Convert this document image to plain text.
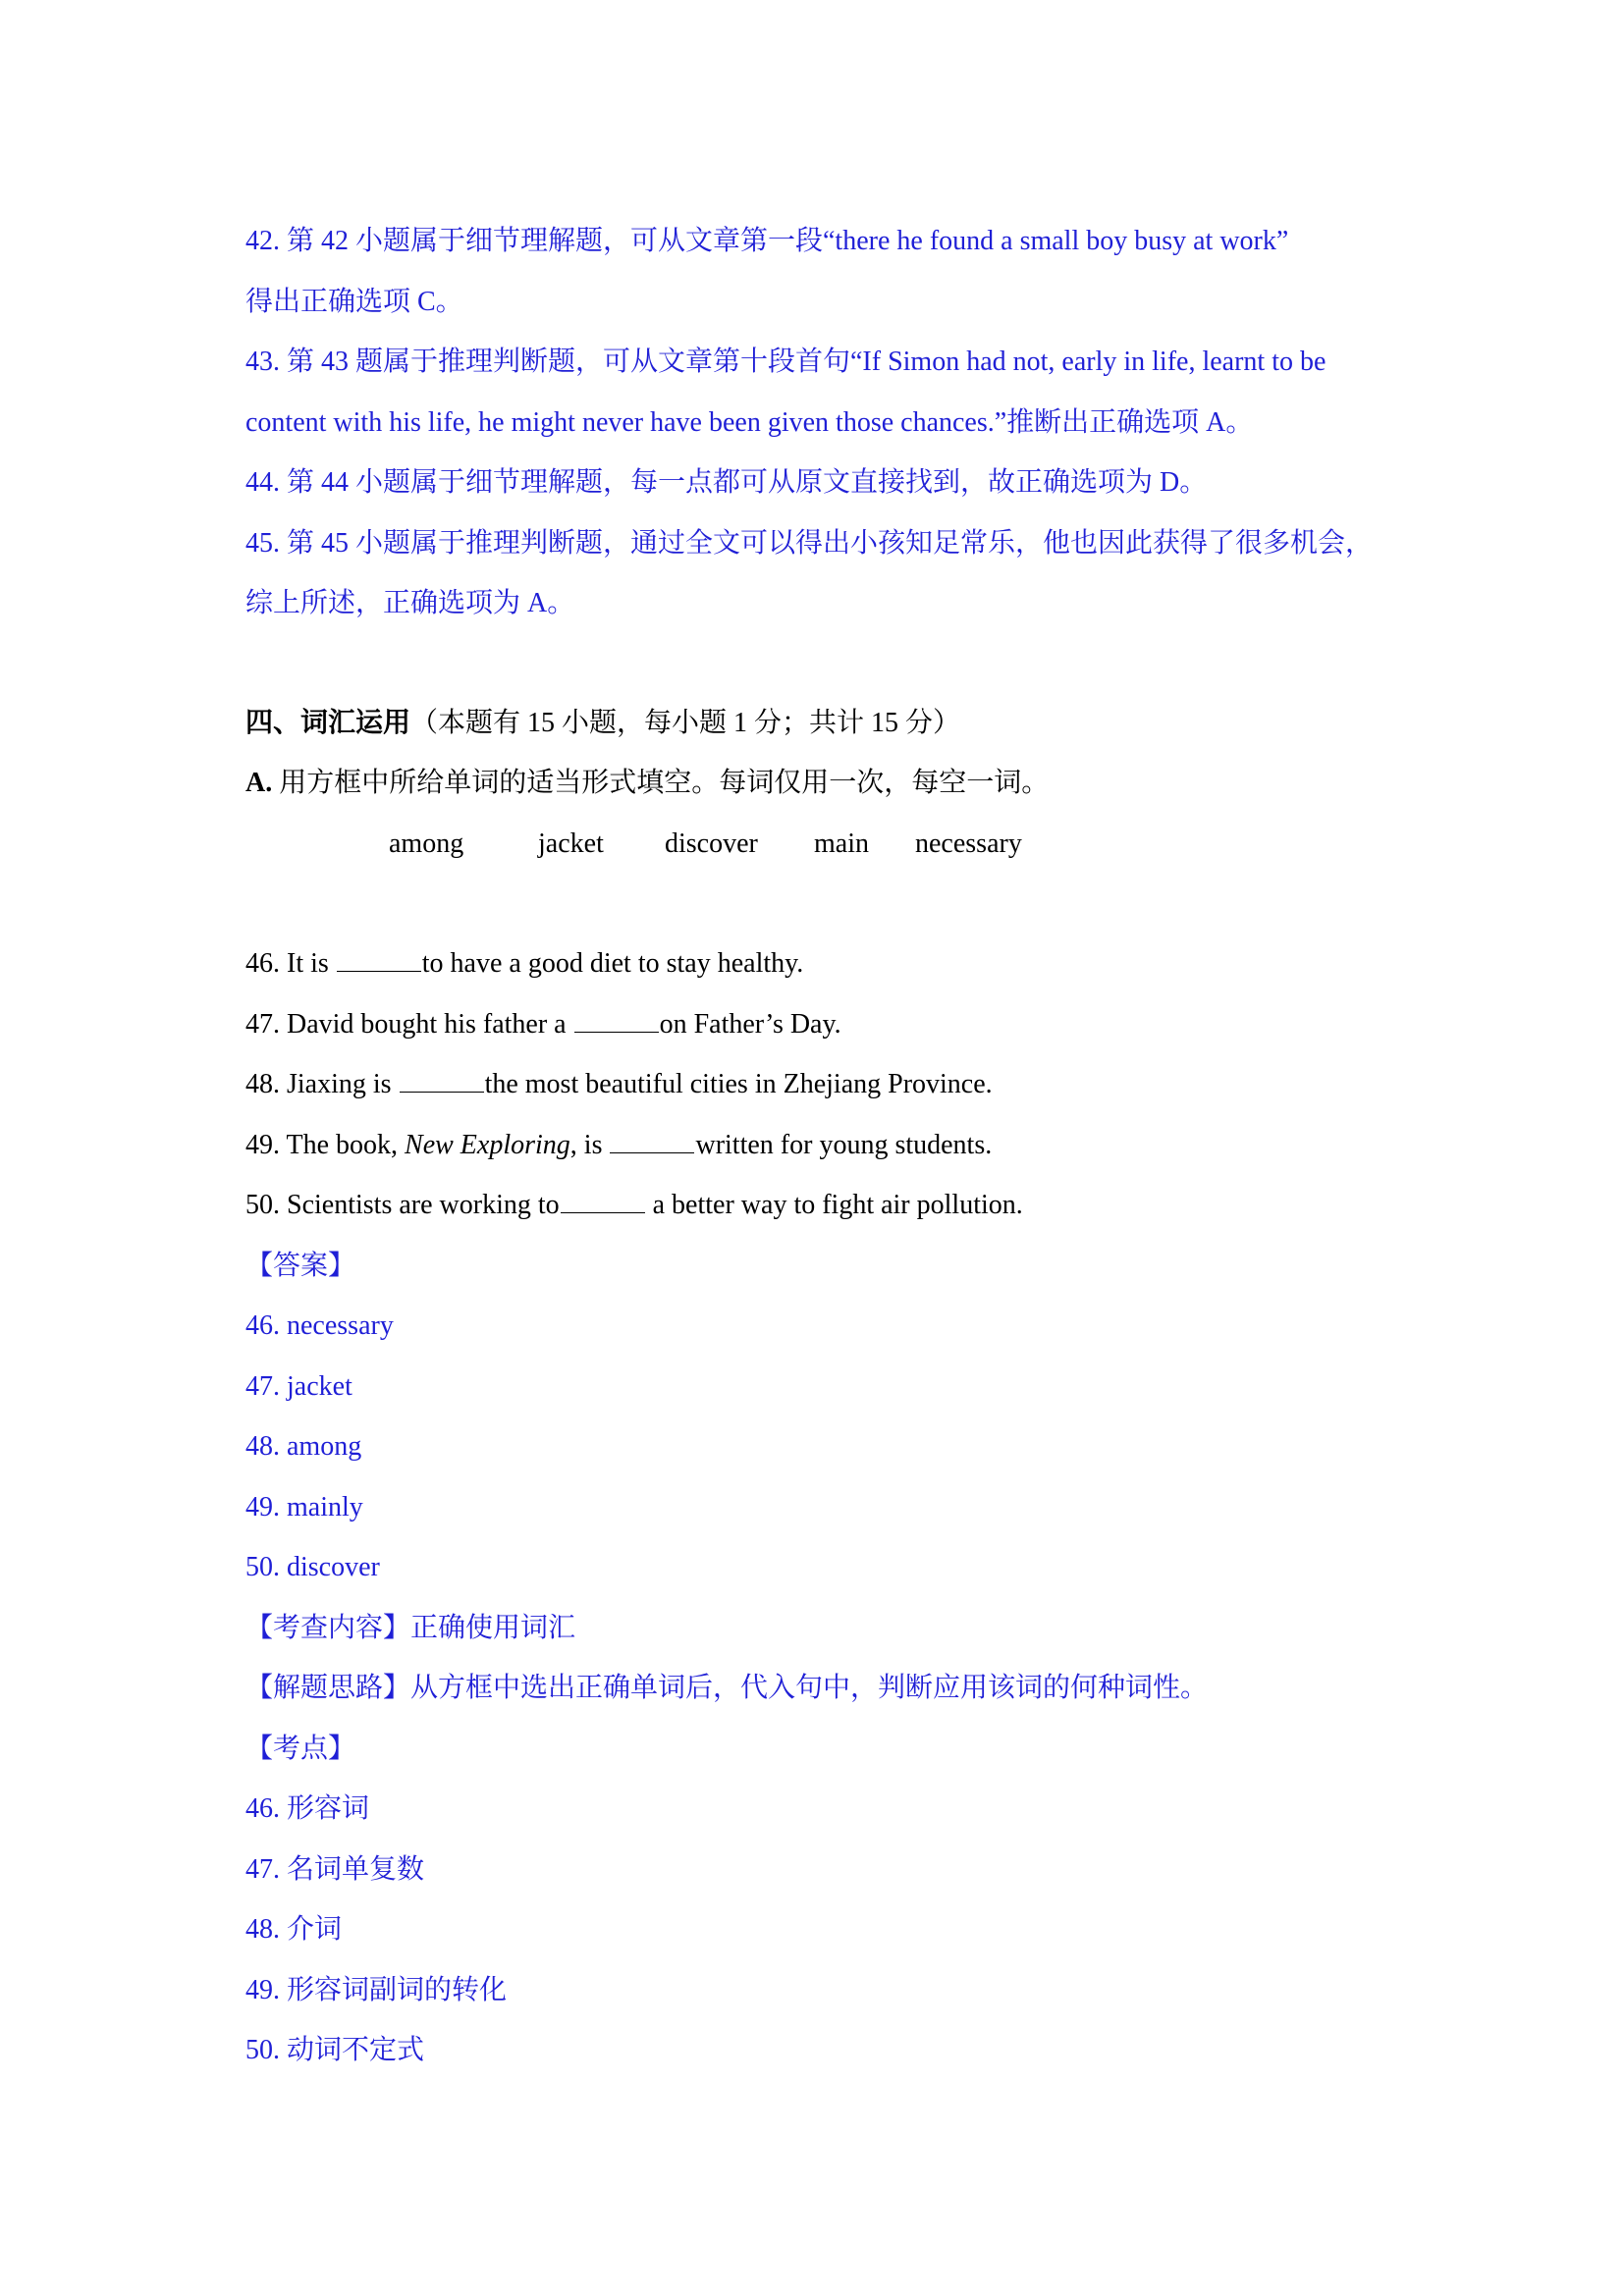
42. 第 42 小题属于细节理解题，可从文章第一段“there he found a small boy busy at work”
得出正确选项 C。
43. 第 43 题属于推理判断题，可从文章第十段首句“If Simon had not, early in life, learnt to be
content with his life, he might never have been given those chances.”推断出正确选项 A。
44. 第 44 小题属于细节理解题，每一点都可从原文直接找到，故正确选项为 D。
45. 第 45 小题属于推理判断题，通过全文可以得出小孩知足常乐，他也因此获得了很多机会，
综上所述，正确选项为 A。
四、词汇运用（本题有 15 小题，每小题 1 分；共计 15 分）
A. 用方框中所给单词的适当形式填空。每词仅用一次，每空一词。
among	jacket discover main necessary
46. It is	to have a good diet to stay healthy.
47. David bought his father a	on Father’s Day.
48. Jiaxing is	the most beautiful cities in Zhejiang Province.
49. The book, New Exploring, is	written for young students.
50. Scientists are working to	a better way to fight air pollution.
【答案】
46. necessary
47. jacket
48. among
49. mainly
50. discover
【考查内容】正确使用词汇
【解题思路】从方框中选出正确单词后，代入句中，判断应用该词的何种词性。
【考点】
46. 形容词
47. 名词单复数
48. 介词
49. 形容词副词的转化
50. 动词不定式
